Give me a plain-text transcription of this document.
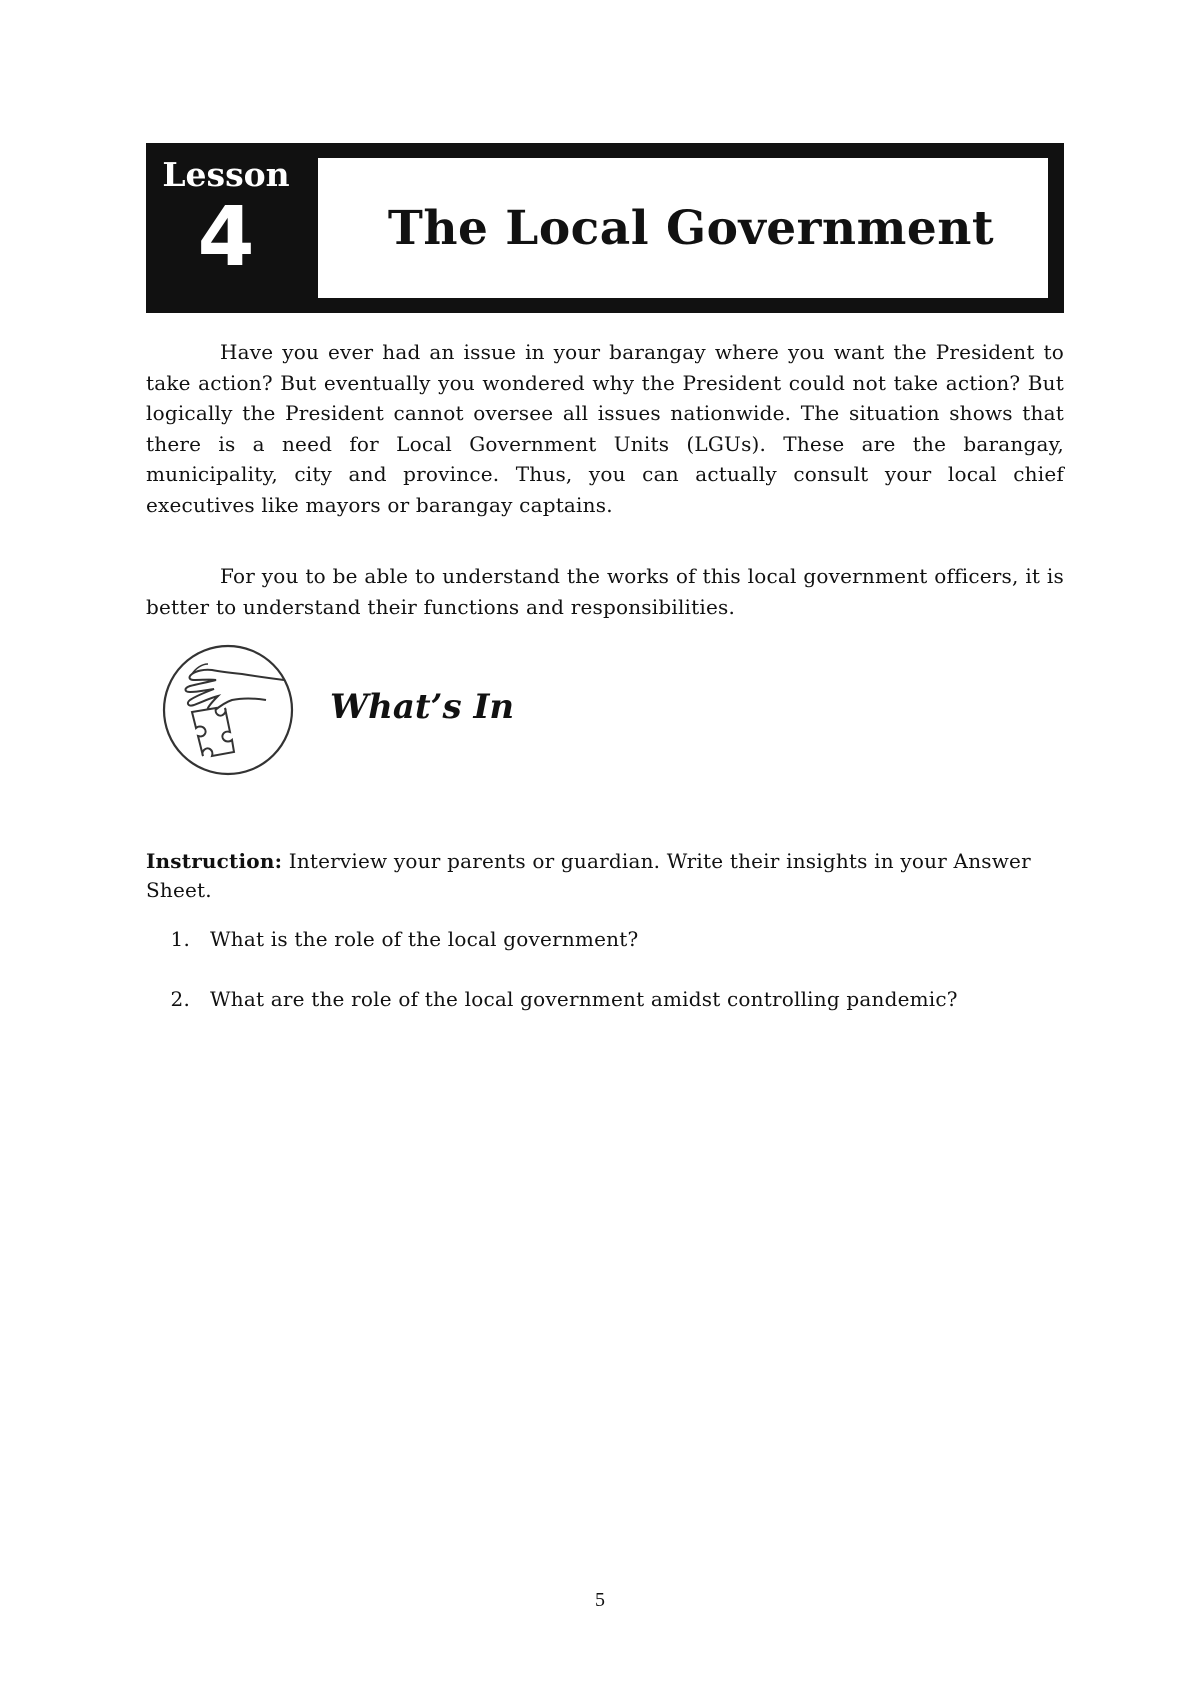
Lesson
4	The Local Government

Have you ever had an issue in your barangay where you want the President to take action? But eventually you wondered why the President could not take action? But logically the President cannot oversee all issues nationwide. The situation shows that there is a need for Local Government Units (LGUs). These are the barangay, municipality, city and province. Thus, you can actually consult your local chief executives like mayors or barangay captains.

For you to be able to understand the works of this local government officers, it is better to understand their functions and responsibilities.

What’s In

Instruction: Interview your parents or guardian. Write their insights in your Answer Sheet.

1.	What is the role of the local government?
2.	What are the role of the local government amidst controlling pandemic?
5
